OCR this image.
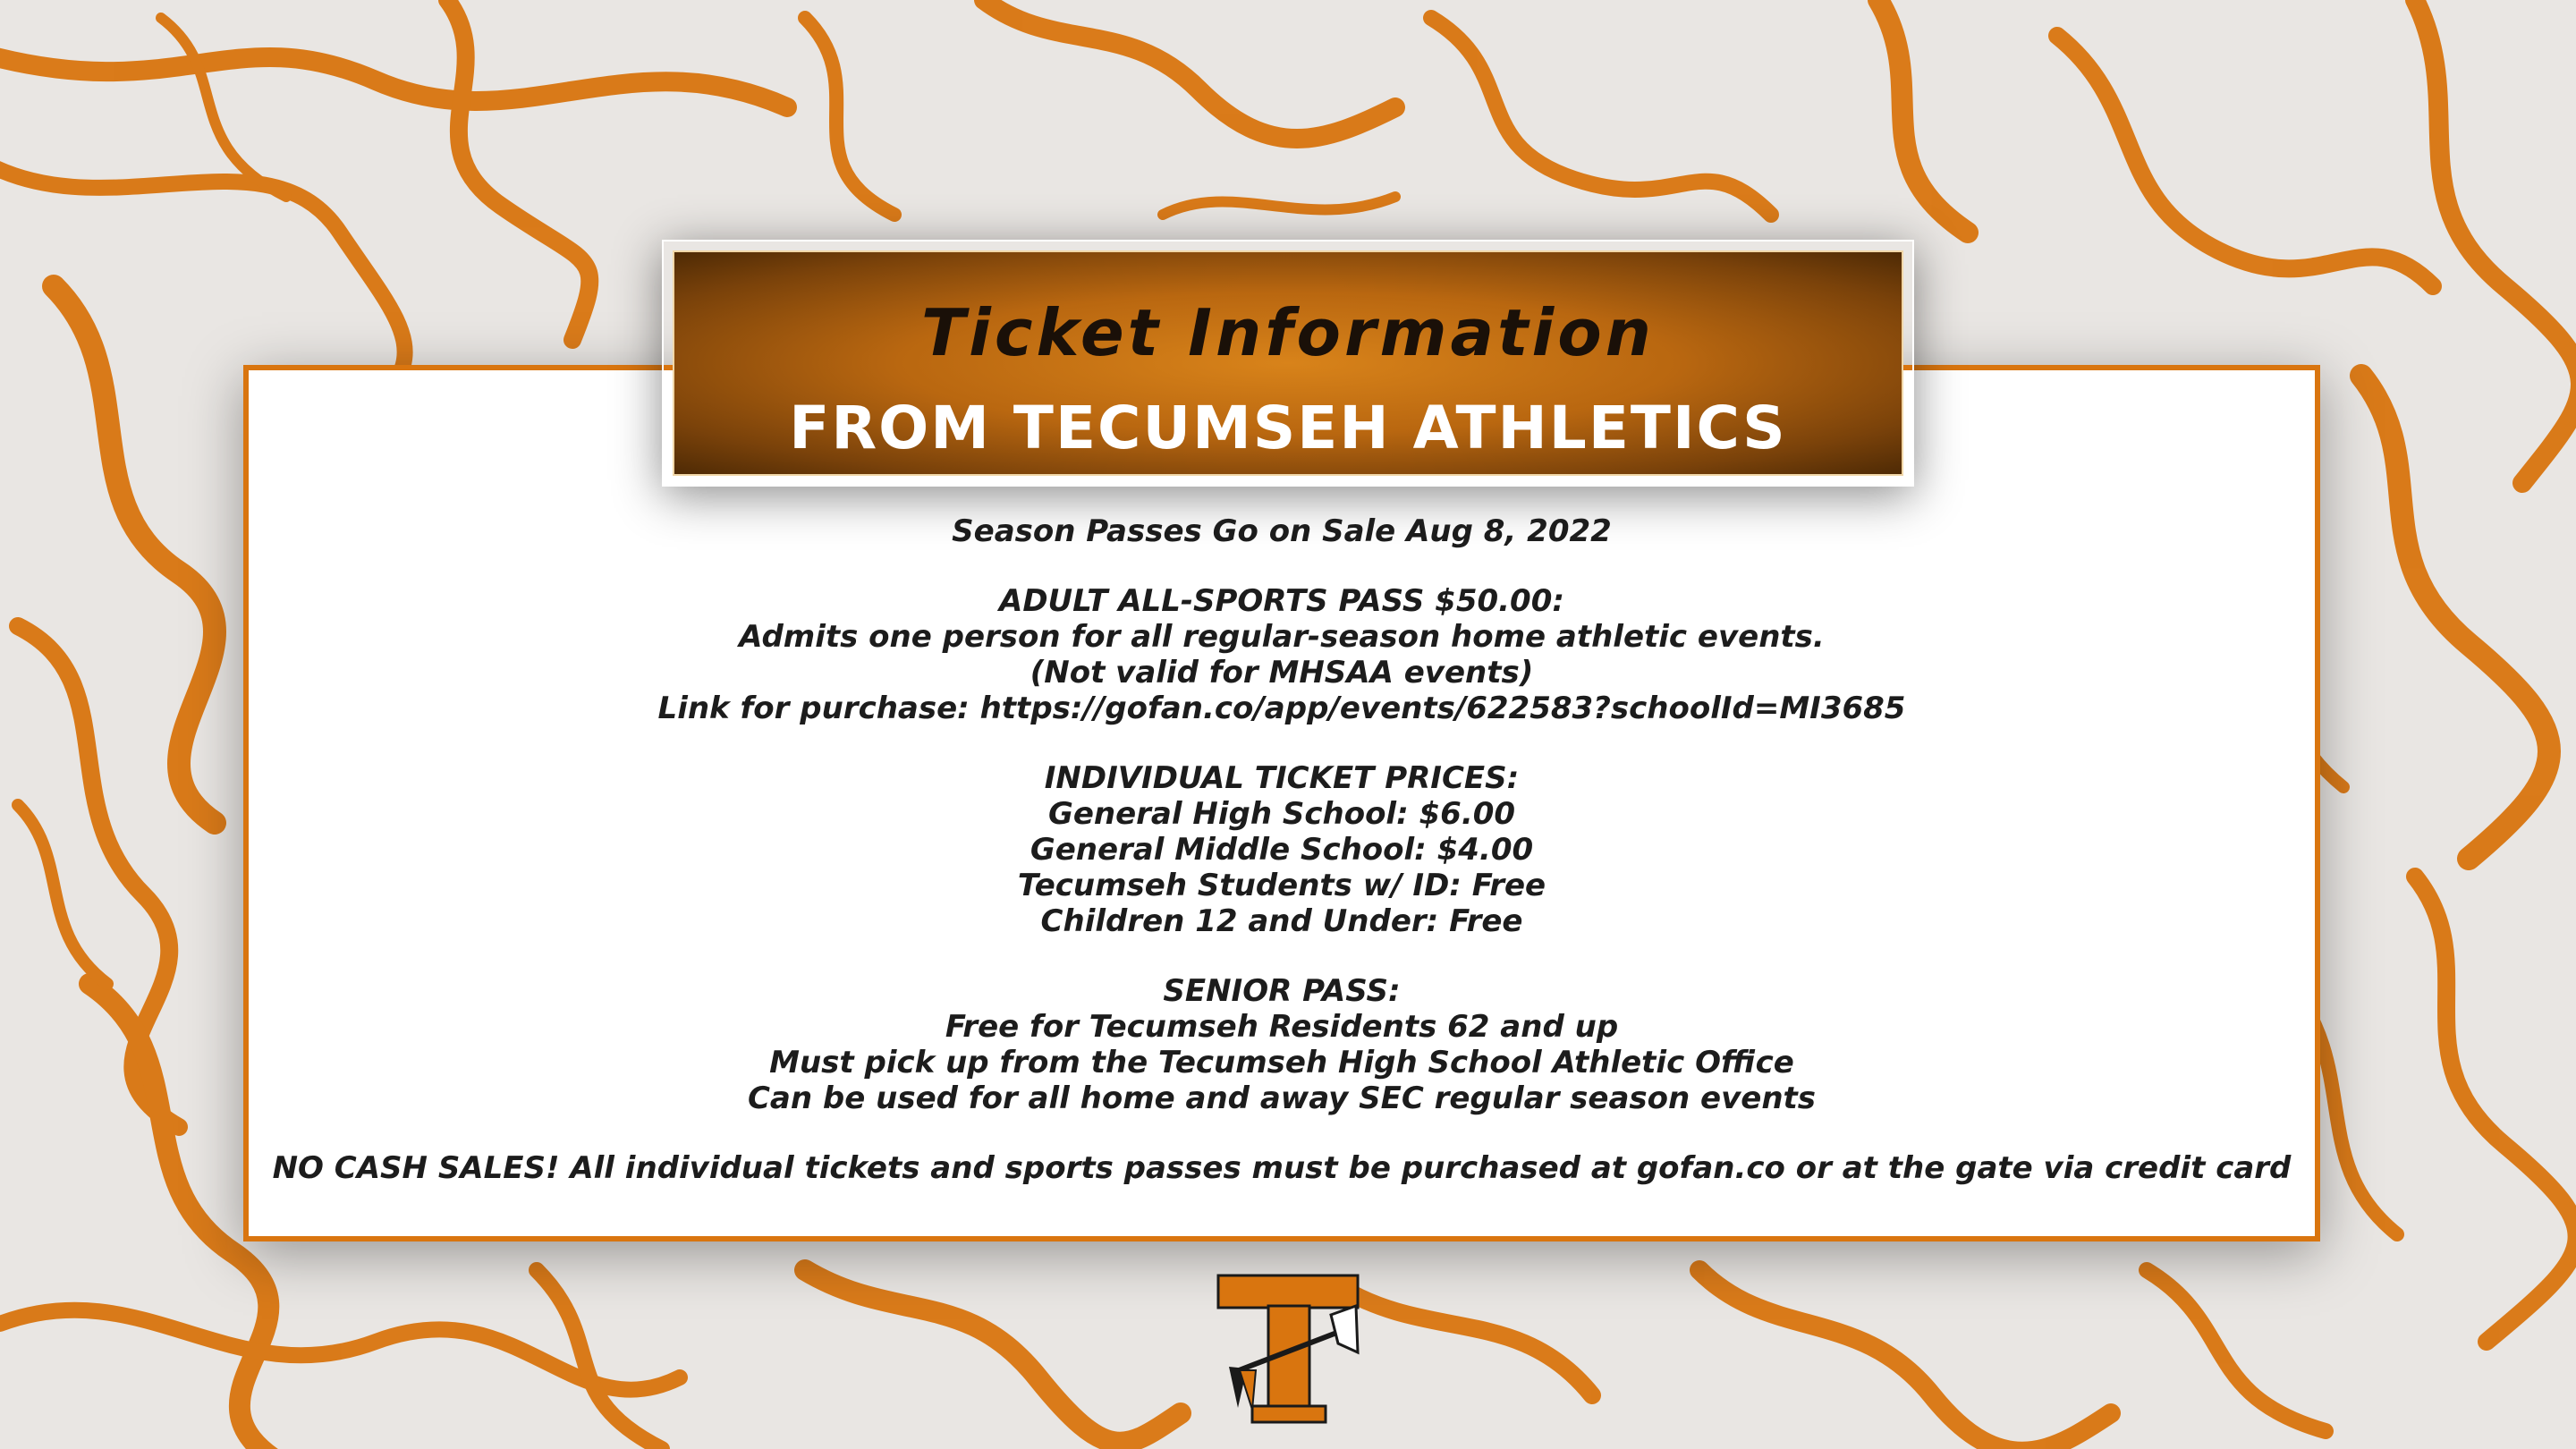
Ticket Information
FROM TECUMSEH ATHLETICS
Season Passes Go on Sale Aug 8, 2022
ADULT ALL-SPORTS PASS $50.00:
Admits one person for all regular-season home athletic events.
(Not valid for MHSAA events)
Link for purchase: https://gofan.co/app/events/622583?schoolId=MI3685
INDIVIDUAL TICKET PRICES:
General High School: $6.00
General Middle School: $4.00
Tecumseh Students w/ ID: Free
Children 12 and Under: Free
SENIOR PASS:
Free for Tecumseh Residents 62 and up
Must pick up from the Tecumseh High School Athletic Office
Can be used for all home and away SEC regular season events
NO CASH SALES! All individual tickets and sports passes must be purchased at gofan.co or at the gate via credit card
